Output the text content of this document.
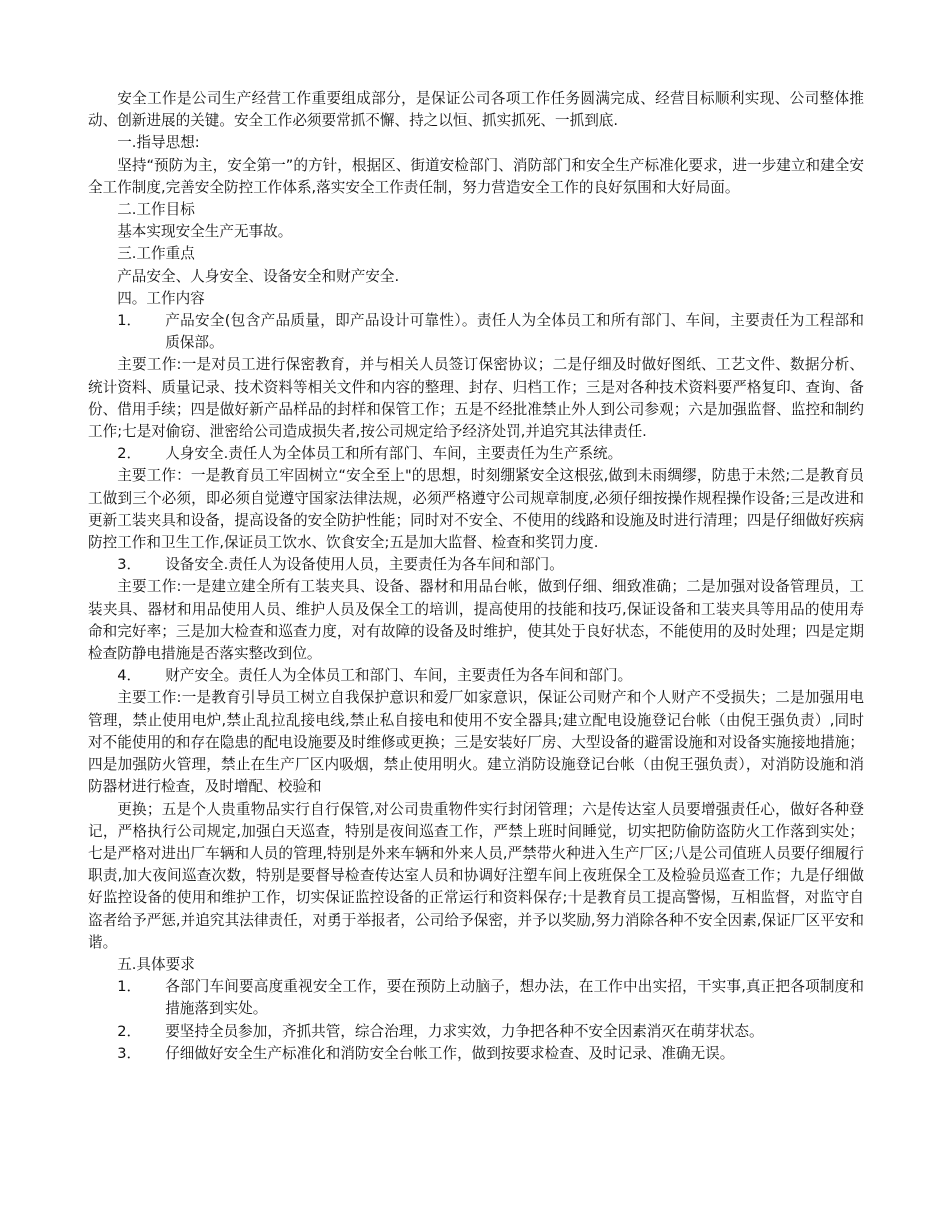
安全工作是公司生产经营工作重要组成部分，是保证公司各项工作任务圆满完成、经营目标顺利实现、公司整体推动、创新进展的关键。安全工作必须要常抓不懈、持之以恒、抓实抓死、一抓到底.

一.指导思想:

坚持“预防为主，安全第一”的方针，根据区、街道安检部门、消防部门和安全生产标准化要求，进一步建立和建全安全工作制度,完善安全防控工作体系,落实安全工作责任制，努力营造安全工作的良好氛围和大好局面。

二.工作目标

基本实现安全生产无事故。

三.工作重点

产品安全、人身安全、设备安全和财产安全.

四。工作内容

1．	产品安全(包含产品质量，即产品设计可靠性）。责任人为全体员工和所有部门、车间，主要责任为工程部和质保部。

主要工作:一是对员工进行保密教育，并与相关人员签订保密协议；二是仔细及时做好图纸、工艺文件、数据分析、统计资料、质量记录、技术资料等相关文件和内容的整理、封存、归档工作；三是对各种技术资料要严格复印、查询、备份、借用手续；四是做好新产品样品的封样和保管工作；五是不经批准禁止外人到公司参观；六是加强监督、监控和制约工作;七是对偷窃、泄密给公司造成损失者,按公司规定给予经济处罚,并追究其法律责任.

2．	人身安全.责任人为全体员工和所有部门、车间，主要责任为生产系统。

主要工作：一是教育员工牢固树立“安全至上"的思想，时刻绷紧安全这根弦,做到未雨绸缪，防患于未然;二是教育员工做到三个必须，即必须自觉遵守国家法律法规，必须严格遵守公司规章制度,必须仔细按操作规程操作设备;三是改进和更新工装夹具和设备，提高设备的安全防护性能；同时对不安全、不使用的线路和设施及时进行清理；四是仔细做好疾病防控工作和卫生工作,保证员工饮水、饮食安全;五是加大监督、检查和奖罚力度.

3．	设备安全.责任人为设备使用人员，主要责任为各车间和部门。

主要工作:一是建立建全所有工装夹具、设备、器材和用品台帐，做到仔细、细致准确；二是加强对设备管理员，工装夹具、器材和用品使用人员、维护人员及保全工的培训，提高使用的技能和技巧,保证设备和工装夹具等用品的使用寿命和完好率；三是加大检查和巡查力度，对有故障的设备及时维护，使其处于良好状态，不能使用的及时处理；四是定期检查防静电措施是否落实整改到位。

4．	财产安全。责任人为全体员工和部门、车间，主要责任为各车间和部门。

主要工作:一是教育引导员工树立自我保护意识和爱厂如家意识，保证公司财产和个人财产不受损失；二是加强用电管理，禁止使用电炉,禁止乱拉乱接电线,禁止私自接电和使用不安全器具;建立配电设施登记台帐（由倪王强负责）,同时对不能使用的和存在隐患的配电设施要及时维修或更换；三是安装好厂房、大型设备的避雷设施和对设备实施接地措施；四是加强防火管理，禁止在生产厂区内吸烟，禁止使用明火。建立消防设施登记台帐（由倪王强负责），对消防设施和消防器材进行检查，及时增配、校验和

更换；五是个人贵重物品实行自行保管,对公司贵重物件实行封闭管理；六是传达室人员要增强责任心，做好各种登记，严格执行公司规定,加强白天巡查，特别是夜间巡查工作，严禁上班时间睡觉，切实把防偷防盗防火工作落到实处；七是严格对进出厂车辆和人员的管理,特别是外来车辆和外来人员,严禁带火种进入生产厂区;八是公司值班人员要仔细履行职责,加大夜间巡查次数，特别是要督导检查传达室人员和协调好注塑车间上夜班保全工及检验员巡查工作；九是仔细做好监控设备的使用和维护工作，切实保证监控设备的正常运行和资料保存;十是教育员工提高警惕，互相监督，对监守自盗者给予严惩,并追究其法律责任，对勇于举报者，公司给予保密，并予以奖励,努力消除各种不安全因素,保证厂区平安和谐。

五.具体要求

1．	各部门车间要高度重视安全工作，要在预防上动脑子，想办法，在工作中出实招，干实事,真正把各项制度和措施落到实处。
2．	要坚持全员参加，齐抓共管，综合治理，力求实效，力争把各种不安全因素消灭在萌芽状态。
3．	仔细做好安全生产标准化和消防安全台帐工作，做到按要求检查、及时记录、准确无误。
